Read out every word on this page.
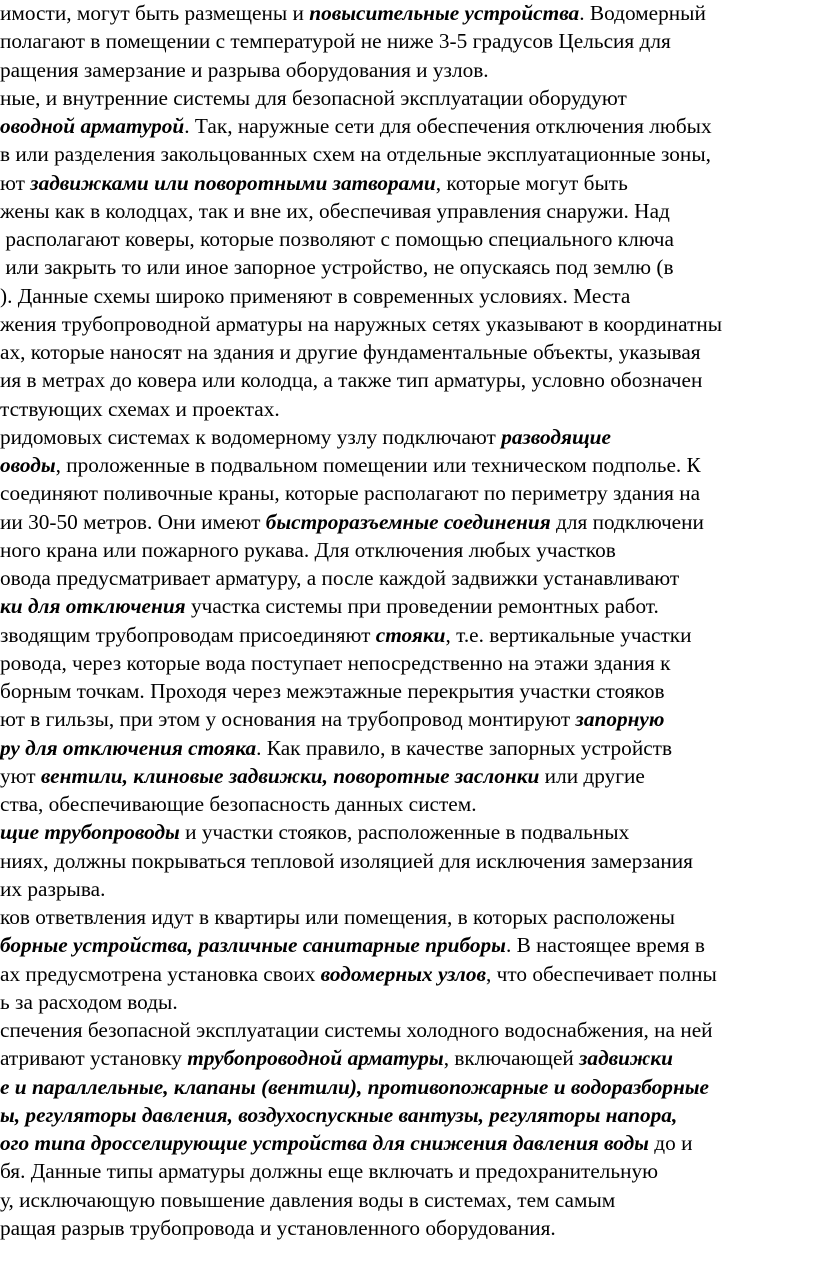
имости, могут быть размещены и повысительные устройства. Водомерный
полагают в помещении с температурой не ниже 3-5 градусов Цельсия для
ращения замерзание и разрыва оборудования и узлов.
ные, и внутренние системы для безопасной эксплуатации оборудуют
оводной арматурой. Так, наружные сети для обеспечения отключения любых
в или разделения закольцованных схем на отдельные эксплуатационные зоны,
ют задвижками или поворотными затворами, которые могут быть
жены как в колодцах, так и вне их, обеспечивая управления снаружи. Над
располагают коверы, которые позволяют с помощью специального ключа
или закрыть то или иное запорное устройство, не опускаясь под землю (в
). Данные схемы широко применяют в современных условиях. Места
жения трубопроводной арматуры на наружных сетях указывают в координатны
ах, которые наносят на здания и другие фундаментальные объекты, указывая
ия в метрах до ковера или колодца, а также тип арматуры, условно обозначен
тствующих схемах и проектах.
ридомовых системах к водомерному узлу подключают разводящие
оводы, проложенные в подвальном помещении или техническом подполье. К
соединяют поливочные краны, которые располагают по периметру здания на
ии 30-50 метров. Они имеют быстроразъемные соединения для подключени
ного крана или пожарного рукава. Для отключения любых участков
овода предусматривает арматуру, а после каждой задвижки устанавливают
ки для отключения участка системы при проведении ремонтных работ.
зводящим трубопроводам присоединяют стояки, т.е. вертикальные участки
ровода, через которые вода поступает непосредственно на этажи здания к
борным точкам. Проходя через межэтажные перекрытия участки стояков
ют в гильзы, при этом у основания на трубопровод монтируют запорную
ру для отключения стояка. Как правило, в качестве запорных устройств
уют вентили, клиновые задвижки, поворотные заслонки или другие
ства, обеспечивающие безопасность данных систем.
щие трубопроводы и участки стояков, расположенные в подвальных
ниях, должны покрываться тепловой изоляцией для исключения замерзания
их разрыва.
ков ответвления идут в квартиры или помещения, в которых расположены
борные устройства, различные санитарные приборы. В настоящее время в
ах предусмотрена установка своих водомерных узлов, что обеспечивает полны
ь за расходом воды.
спечения безопасной эксплуатации системы холодного водоснабжения, на ней
атривают установку трубопроводной арматуры, включающей задвижки
е и параллельные, клапаны (вентили), противопожарные и водоразборные
ы, регуляторы давления, воздухоспускные вантузы, регуляторы напора,
ого типа дросселирующие устройства для снижения давления воды до и
бя. Данные типы арматуры должны еще включать и предохранительную
у, исключающую повышение давления воды в системах, тем самым
ращая разрыв трубопровода и установленного оборудования.
